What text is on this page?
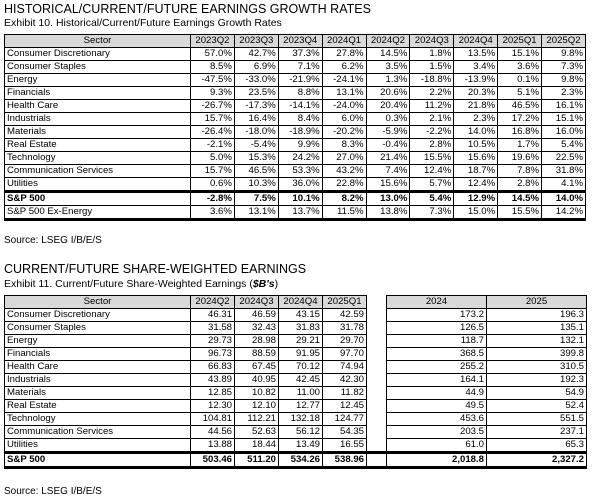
HISTORICAL/CURRENT/FUTURE EARNINGS GROWTH RATES
Exhibit 10. Historical/Current/Future Earnings Growth Rates
Sector	2023Q2	2023Q3	2023Q4	2024Q1	2024Q2	2024Q3	2024Q4	2025Q1	2025Q2
Consumer Discretionary	57.0%	42.7%	37.3%	27.8%	14.5%	1.8%	13.5%	15.1%	9.8%
Consumer Staples	8.5%	6.9%	7.1%	6.2%	3.5%	1.5%	3.4%	3.6%	7.3%
Energy	-47.5%	-33.0%	-21.9%	-24.1%	1.3%	-18.8%	-13.9%	0.1%	9.8%
Financials	9.3%	23.5%	8.8%	13.1%	20.6%	2.2%	20.3%	5.1%	2.3%
Health Care	-26.7%	-17.3%	-14.1%	-24.0%	20.4%	11.2%	21.8%	46.5%	16.1%
Industrials	15.7%	16.4%	8.4%	6.0%	0.3%	2.1%	2.3%	17.2%	15.1%
Materials	-26.4%	-18.0%	-18.9%	-20.2%	-5.9%	-2.2%	14.0%	16.8%	16.0%
Real Estate	-2.1%	-5.4%	9.9%	8.3%	-0.4%	2.8%	10.5%	1.7%	5.4%
Technology	5.0%	15.3%	24.2%	27.0%	21.4%	15.5%	15.6%	19.6%	22.5%
Communication Services	15.7%	46.5%	53.3%	43.2%	7.4%	12.4%	18.7%	7.8%	31.8%
Utilities	0.6%	10.3%	36.0%	22.8%	15.6%	5.7%	12.4%	2.8%	4.1%
S&P 500	-2.8%	7.5%	10.1%	8.2%	13.0%	5.4%	12.9%	14.5%	14.0%
S&P 500 Ex-Energy	3.6%	13.1%	13.7%	11.5%	13.8%	7.3%	15.0%	15.5%	14.2%
Source: LSEG I/B/E/S
CURRENT/FUTURE SHARE-WEIGHTED EARNINGS
Exhibit 11. Current/Future Share-Weighted Earnings ($B's)
Sector	2024Q2	2024Q3	2024Q4	2025Q1		2024	2025
Consumer Discretionary	46.31	46.59	43.15	42.59		173.2	196.3
Consumer Staples	31.58	32.43	31.83	31.78		126.5	135.1
Energy	29.73	28.98	29.21	29.70		118.7	132.1
Financials	96.73	88.59	91.95	97.70		368.5	399.8
Health Care	66.83	67.45	70.12	74.94		255.2	310.5
Industrials	43.89	40.95	42.45	42.30		164.1	192.3
Materials	12.85	10.82	11.00	11.82		44.9	54.9
Real Estate	12.30	12.10	12.77	12.45		49.5	52.4
Technology	104.81	112.21	132.18	124.77		453.6	551.5
Communication Services	44.56	52.63	56.12	54.35		203.5	237.1
Utilities	13.88	18.44	13.49	16.55		61.0	65.3
S&P 500	503.46	511.20	534.26	538.96		2,018.8	2,327.2
Source: LSEG I/B/E/S
